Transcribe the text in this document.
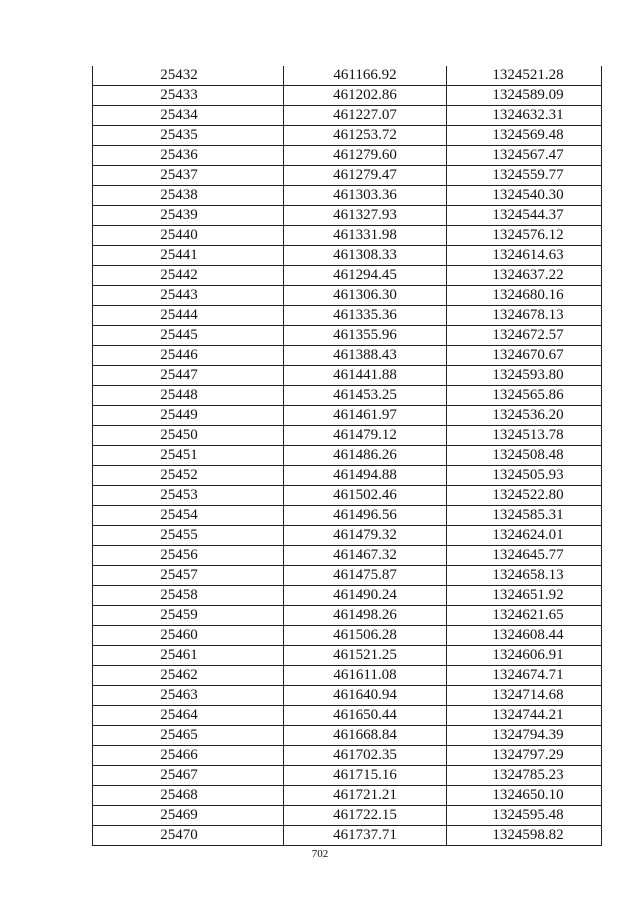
25432	461166.92	1324521.28
25433	461202.86	1324589.09
25434	461227.07	1324632.31
25435	461253.72	1324569.48
25436	461279.60	1324567.47
25437	461279.47	1324559.77
25438	461303.36	1324540.30
25439	461327.93	1324544.37
25440	461331.98	1324576.12
25441	461308.33	1324614.63
25442	461294.45	1324637.22
25443	461306.30	1324680.16
25444	461335.36	1324678.13
25445	461355.96	1324672.57
25446	461388.43	1324670.67
25447	461441.88	1324593.80
25448	461453.25	1324565.86
25449	461461.97	1324536.20
25450	461479.12	1324513.78
25451	461486.26	1324508.48
25452	461494.88	1324505.93
25453	461502.46	1324522.80
25454	461496.56	1324585.31
25455	461479.32	1324624.01
25456	461467.32	1324645.77
25457	461475.87	1324658.13
25458	461490.24	1324651.92
25459	461498.26	1324621.65
25460	461506.28	1324608.44
25461	461521.25	1324606.91
25462	461611.08	1324674.71
25463	461640.94	1324714.68
25464	461650.44	1324744.21
25465	461668.84	1324794.39
25466	461702.35	1324797.29
25467	461715.16	1324785.23
25468	461721.21	1324650.10
25469	461722.15	1324595.48
25470	461737.71	1324598.82
702
